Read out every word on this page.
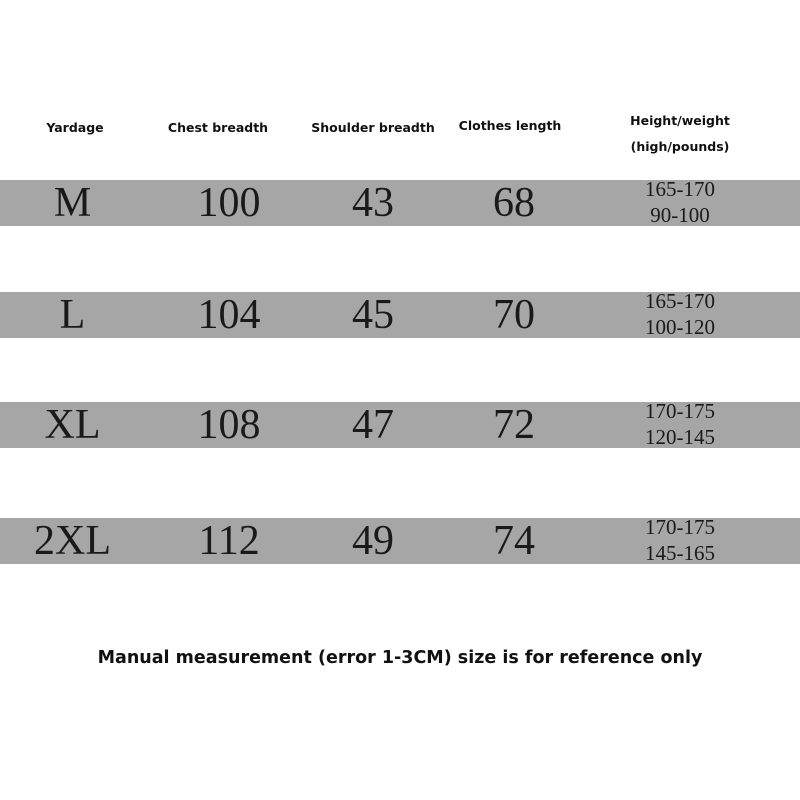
Yardage	Chest breadth	Shoulder breadth	Clothes length	Height/weight
(high/pounds)
M	100	43	68	165-170
90-100
L	104	45	70	165-170
100-120
XL	108	47	72	170-175
120-145
2XL	112	49	74	170-175
145-165
Manual measurement (error 1-3CM) size is for reference only
